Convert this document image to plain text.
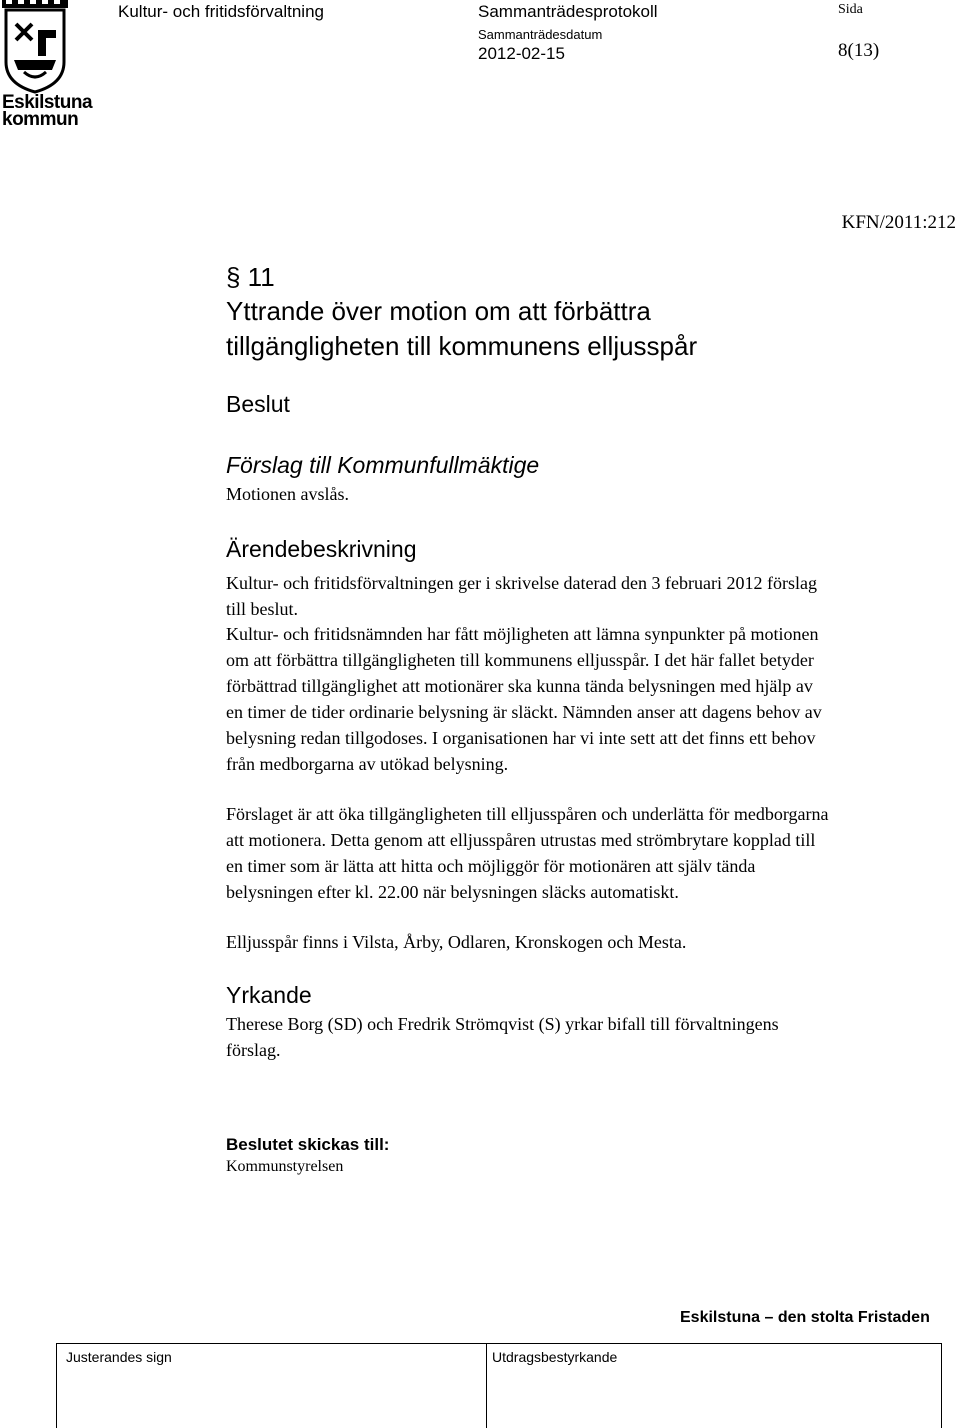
Eskilstuna
kommun
Kultur- och fritidsförvaltning	Sammanträdesprotokoll
Sammanträdesdatum
2012-02-15
Sida
8(13)
KFN/2011:212
§ 11
Yttrande över motion om att förbättra
tillgängligheten till kommunens elljusspår
Beslut
Förslag till Kommunfullmäktige
Motionen avslås.
Ärendebeskrivning
Kultur- och fritidsförvaltningen ger i skrivelse daterad den 3 februari 2012 förslag
till beslut.
Kultur- och fritidsnämnden har fått möjligheten att lämna synpunkter på motionen
om att förbättra tillgängligheten till kommunens elljusspår. I det här fallet betyder
förbättrad tillgänglighet att motionärer ska kunna tända belysningen med hjälp av
en timer de tider ordinarie belysning är släckt. Nämnden anser att dagens behov av
belysning redan tillgodoses. I organisationen har vi inte sett att det finns ett behov
från medborgarna av utökad belysning.
Förslaget är att öka tillgängligheten till elljusspåren och underlätta för medborgarna
att motionera. Detta genom att elljusspåren utrustas med strömbrytare kopplad till
en timer som är lätta att hitta och möjliggör för motionären att själv tända
belysningen efter kl. 22.00 när belysningen släcks automatiskt.
Elljusspår finns i Vilsta, Årby, Odlaren, Kronskogen och Mesta.
Yrkande
Therese Borg (SD) och Fredrik Strömqvist (S) yrkar bifall till förvaltningens
förslag.
Beslutet skickas till:
Kommunstyrelsen
Eskilstuna – den stolta Fristaden
Justerandes sign	Utdragsbestyrkande
